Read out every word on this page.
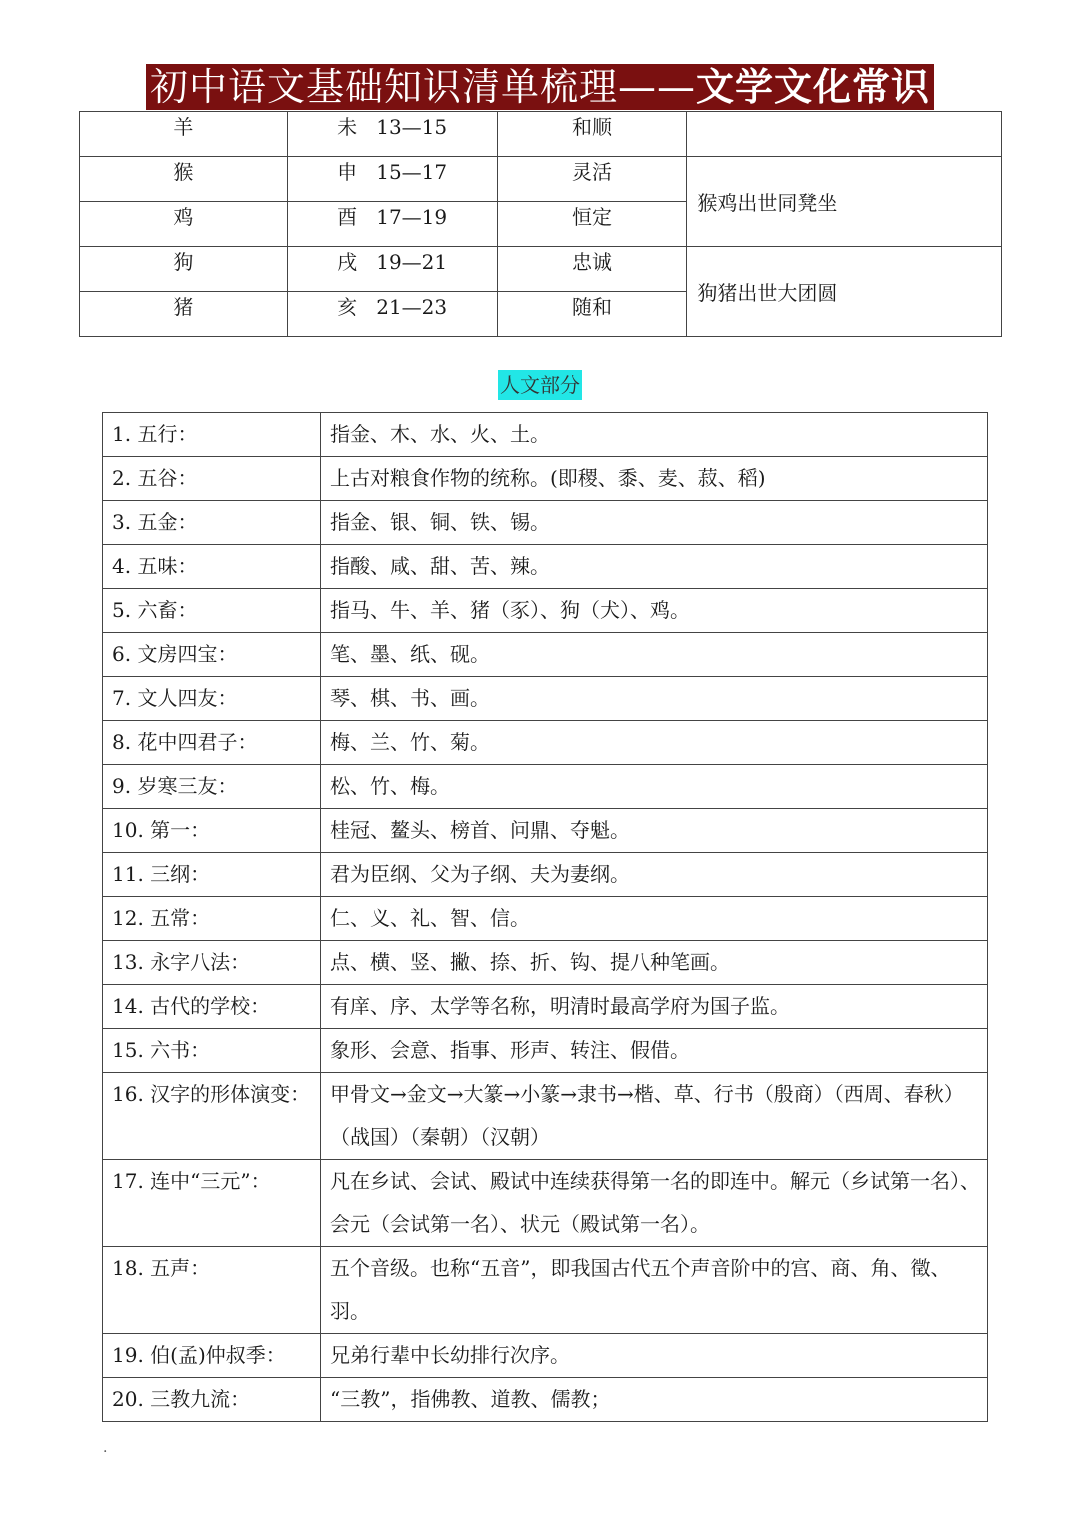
初中语文基础知识清单梳理——文学文化常识
羊	未 13—15	和顺	
猴	申 15—17	灵活	猴鸡出世同凳坐
鸡	酉 17—19	恒定	
狗	戌 19—21	忠诚	狗猪出世大团圆
猪	亥 21—23	随和	
人文部分
1. 五行：	指金、木、水、火、土。
2. 五谷：	上古对粮食作物的统称。(即稷、黍、麦、菽、稻)
3. 五金：	指金、银、铜、铁、锡。
4. 五味：	指酸、咸、甜、苦、辣。
5. 六畜：	指马、牛、羊、猪（豕）、狗（犬）、鸡。
6. 文房四宝：	笔、墨、纸、砚。
7. 文人四友：	琴、棋、书、画。
8. 花中四君子：	梅、兰、竹、菊。
9. 岁寒三友：	松、竹、梅。
10. 第一：	桂冠、鳌头、榜首、问鼎、夺魁。
11. 三纲：	君为臣纲、父为子纲、夫为妻纲。
12. 五常：	仁、义、礼、智、信。
13. 永字八法：	点、横、竖、撇、捺、折、钩、提八种笔画。
14. 古代的学校：	有庠、序、太学等名称，明清时最高学府为国子监。
15. 六书：	象形、会意、指事、形声、转注、假借。
16. 汉字的形体演变：	甲骨文→金文→大篆→小篆→隶书→楷、草、行书（殷商）（西周、春秋）（战国）（秦朝）（汉朝）
17. 连中“三元”：	凡在乡试、会试、殿试中连续获得第一名的即连中。解元（乡试第一名）、会元（会试第一名）、状元（殿试第一名）。
18. 五声：	五个音级。也称“五音”，即我国古代五个声音阶中的宫、商、角、徵、羽。
19. 伯(孟)仲叔季：	兄弟行辈中长幼排行次序。
20. 三教九流：	“三教”，指佛教、道教、儒教；
.
